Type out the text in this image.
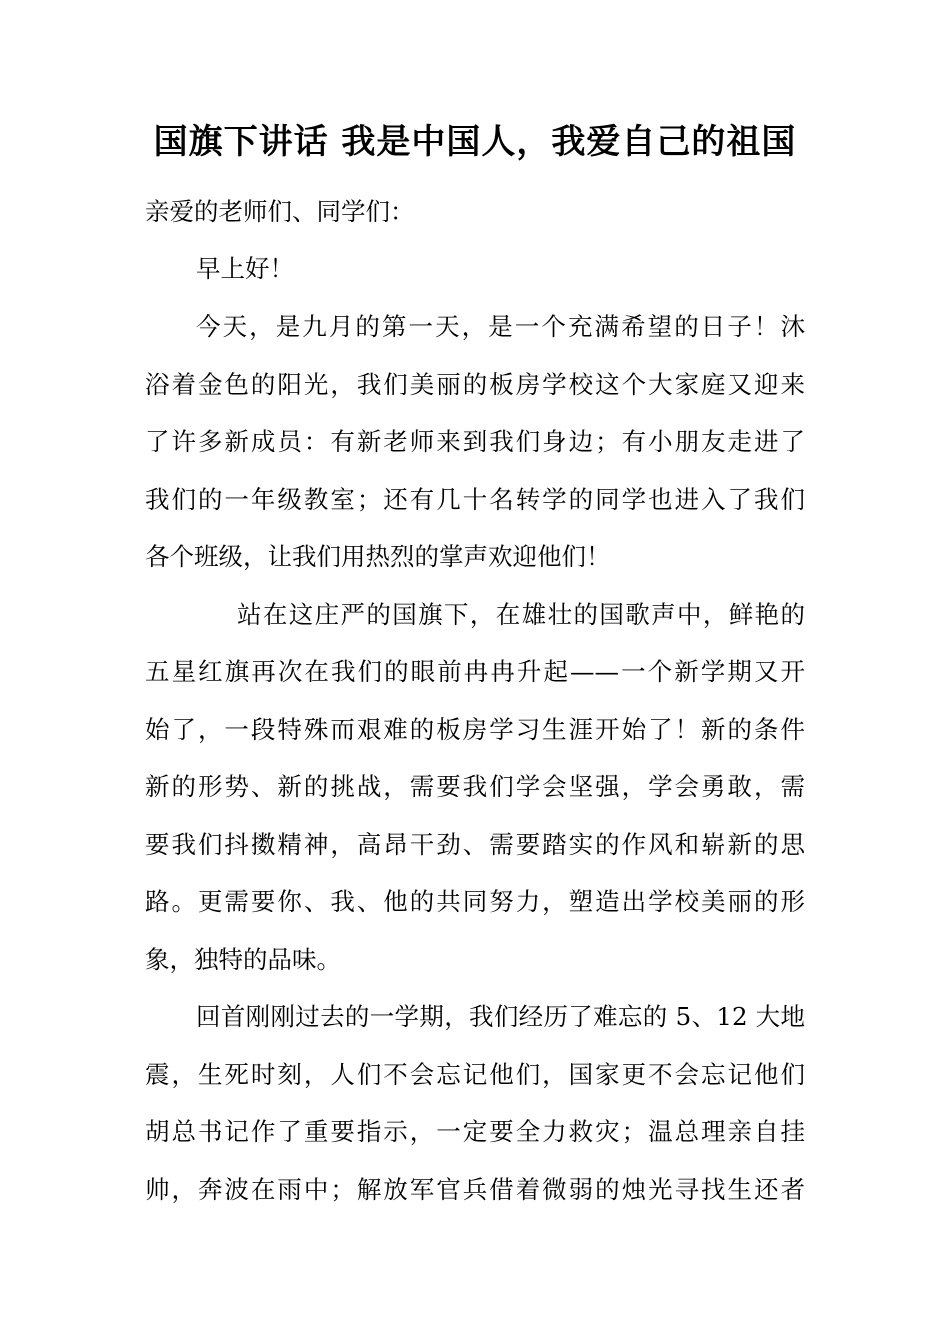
国旗下讲话 我是中国人，我爱自己的祖国
亲爱的老师们、同学们：
早上好！
今天，是九月的第一天，是一个充满希望的日子！沐
浴着金色的阳光，我们美丽的板房学校这个大家庭又迎来
了许多新成员：有新老师来到我们身边；有小朋友走进了
我们的一年级教室；还有几十名转学的同学也进入了我们
各个班级，让我们用热烈的掌声欢迎他们！
站在这庄严的国旗下，在雄壮的国歌声中，鲜艳的
五星红旗再次在我们的眼前冉冉升起——一个新学期又开
始了，一段特殊而艰难的板房学习生涯开始了！新的条件
新的形势、新的挑战，需要我们学会坚强，学会勇敢，需
要我们抖擞精神，高昂干劲、需要踏实的作风和崭新的思
路。更需要你、我、他的共同努力，塑造出学校美丽的形
象，独特的品味。
回首刚刚过去的一学期，我们经历了难忘的 5、12 大地
震，生死时刻，人们不会忘记他们，国家更不会忘记他们
胡总书记作了重要指示，一定要全力救灾；温总理亲自挂
帅，奔波在雨中；解放军官兵借着微弱的烛光寻找生还者
